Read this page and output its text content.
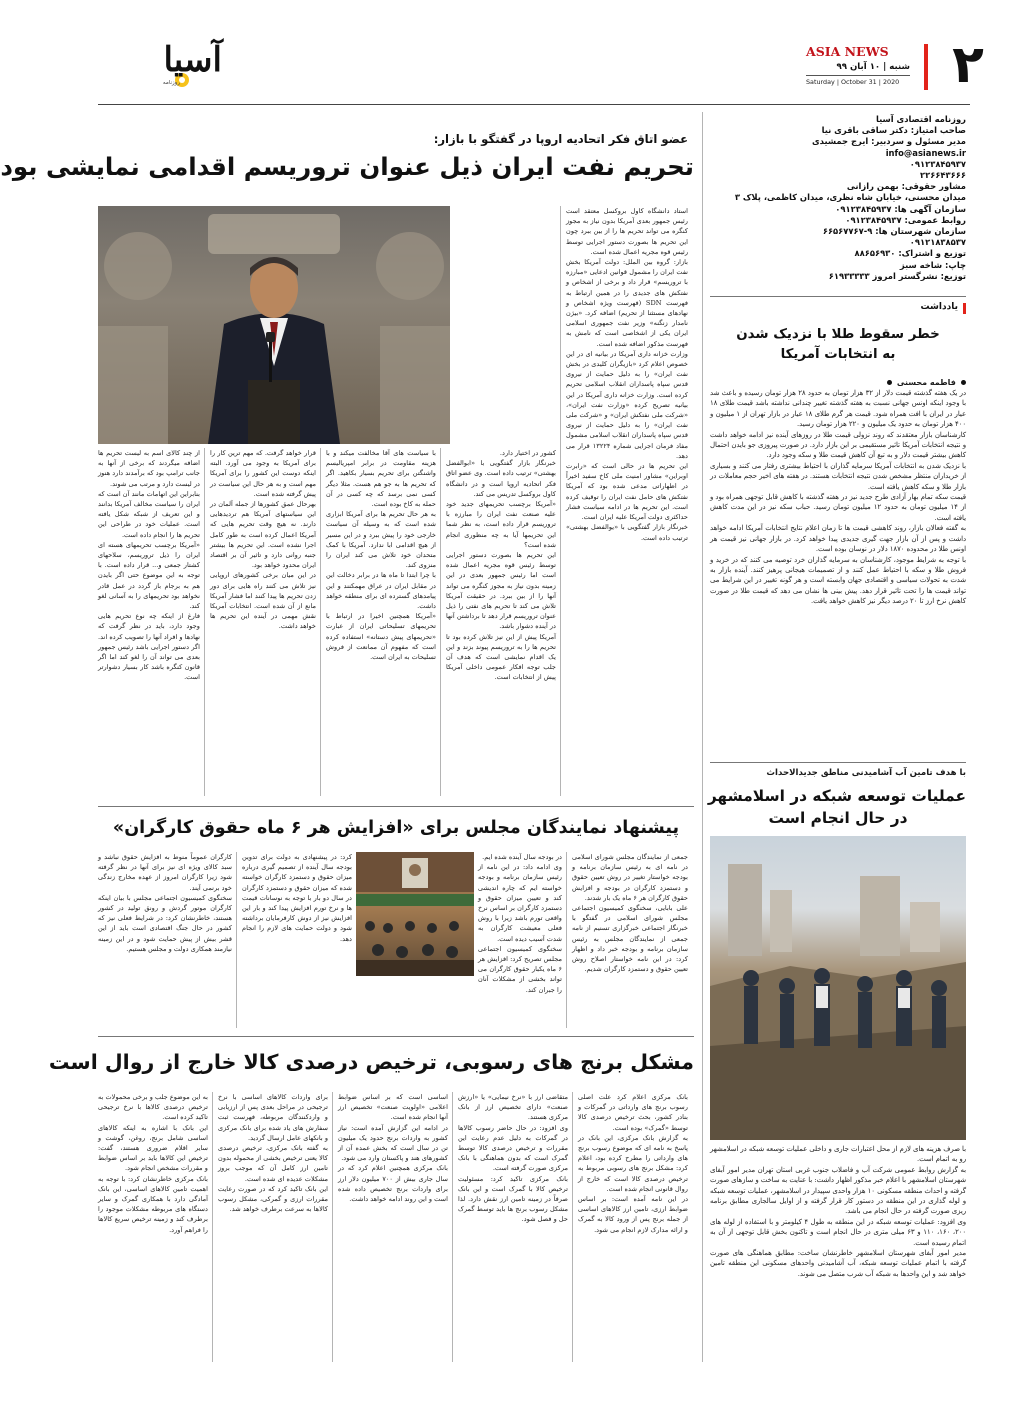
۲
ASIA NEWS
شنبه | ۱۰ آبان ۹۹
Saturday | October 31 | 2020
آسیا
روزنامه
روزنامه اقتصادی آسیا
صاحب امتیاز: دکتر ساقی باقری نیا
مدیر مسئول و سردبیر: ایرج جمشیدی
info@asianews.ir
۰۹۱۲۳۸۴۵۹۳۷
۲۲۶۶۴۳۶۶۶
مشاور حقوقی: بهمن رازانی
میدان محسنی، خیابان شاه نظری، میدان کاظمی، پلاک ۳
سازمان آگهی ها: ۰۹۱۲۳۸۴۵۹۳۷
روابط عمومی: ۰۹۱۲۳۸۴۵۹۳۷
سازمان شهرستان ها: ۹-۶۶۵۶۷۷۶۷
۰۹۱۲۱۸۳۸۵۳۷
توزیع و اشتراک: ۸۸۶۵۶۹۳۰
چاپ: شاخه سبز
توزیع: نشرگستر امروز ۶۱۹۳۳۳۳۳
یادداشت
خطر سقوط طلا با نزدیک شدن
به انتخابات آمریکا
فاطمه محسنی
در یک هفته گذشته قیمت دلار از ۳۲ هزار تومان به حدود ۲۸ هزار تومان رسیده و باعث شد با وجود اینکه اونس جهانی نسبت به هفته گذشته تغییر چندانی نداشته باشد قیمت طلای ۱۸ عیار در ایران با افت همراه شود. قیمت هر گرم طلای ۱۸ عیار در بازار تهران از ۱ میلیون و ۴۰۰ هزار تومان به حدود یک میلیون و ۲۲۰ هزار تومان رسید.
کارشناسان بازار معتقدند که روند نزولی قیمت طلا در روزهای آینده نیز ادامه خواهد داشت و نتیجه انتخابات آمریکا تاثیر مستقیمی بر این بازار دارد. در صورت پیروزی جو بایدن احتمال کاهش بیشتر قیمت دلار و به تبع آن کاهش قیمت طلا و سکه وجود دارد.
با نزدیک شدن به انتخابات آمریکا سرمایه گذاران با احتیاط بیشتری رفتار می کنند و بسیاری از خریداران منتظر مشخص شدن نتیجه انتخابات هستند. در هفته های اخیر حجم معاملات در بازار طلا و سکه کاهش یافته است.
قیمت سکه تمام بهار آزادی طرح جدید نیز در هفته گذشته با کاهش قابل توجهی همراه بود و از ۱۴ میلیون تومان به حدود ۱۲ میلیون تومان رسید. حباب سکه نیز در این مدت کاهش یافته است.
به گفته فعالان بازار، روند کاهشی قیمت ها تا زمان اعلام نتایج انتخابات آمریکا ادامه خواهد داشت و پس از آن بازار جهت گیری جدیدی پیدا خواهد کرد. در بازار جهانی نیز قیمت هر اونس طلا در محدوده ۱۸۷۰ دلار در نوسان بوده است.
با توجه به شرایط موجود، کارشناسان به سرمایه گذاران خرد توصیه می کنند که در خرید و فروش طلا و سکه با احتیاط عمل کنند و از تصمیمات هیجانی پرهیز کنند. آینده بازار به شدت به تحولات سیاسی و اقتصادی جهان وابسته است و هر گونه تغییر در این شرایط می تواند قیمت ها را تحت تاثیر قرار دهد. پیش بینی ها نشان می دهد که قیمت طلا در صورت کاهش نرخ ارز تا ۲۰ درصد دیگر نیز کاهش خواهد یافت.
با هدف تامین آب آشامیدنی مناطق جدیدالاحداث
عملیات توسعه شبکه در اسلامشهر
در حال انجام است
با صرف هزینه های لازم از محل اعتبارات جاری و داخلی عملیات توسعه شبکه در اسلامشهر رو به اتمام است.
به گزارش روابط عمومی شرکت آب و فاضلاب جنوب غربی استان تهران مدیر امور آبفای شهرستان اسلامشهر با اعلام خبر مذکور اظهار داشت: با عنایت به ساخت و سازهای صورت گرفته و احداث منطقه مسکونی ۱۰ هزار واحدی سپیدار در اسلامشهر، عملیات توسعه شبکه و لوله گذاری در این منطقه در دستور کار قرار گرفته و از اوایل سالجاری مطابق برنامه ریزی صورت گرفته در حال انجام می باشد.
وی افزود: عملیات توسعه شبکه در این منطقه به طول ۴ کیلومتر و با استفاده از لوله های ۲۰۰، ۱۶۰، ۱۱۰ و ۶۳ میلی متری در حال انجام است و تاکنون بخش قابل توجهی از آن به اتمام رسیده است.
مدیر امور آبفای شهرستان اسلامشهر خاطرنشان ساخت: مطابق هماهنگی های صورت گرفته با اتمام عملیات توسعه شبکه، آب آشامیدنی واحدهای مسکونی این منطقه تامین خواهد شد و این واحدها به شبکه آب شرب متصل می شوند.
عضو اتاق فکر اتحادیه اروپا در گفتگو با بازار:
تحریم نفت ایران ذیل عنوان تروریسم اقدامی نمایشی بود
استاد دانشگاه کاول بروکسل معتقد است رئیس جمهور بعدی آمریکا بدون نیاز به مجوز کنگره می تواند تحریم ها را از بین ببرد چون این تحریم ها بصورت دستور اجرایی توسط رئیس قوه مجریه اعمال شده است.
بازار: گروه بین الملل: دولت آمریکا بخش نفت ایران را مشمول قوانین ادعایی «مبارزه با تروریسم» قرار داد و برخی از اشخاص و نفتکش های جدیدی را در همین ارتباط به فهرست SDN (فهرست ویژه اشخاص و نهادهای مستثنا از تحریم) اضافه کرد. «بیژن نامدار زنگنه» وزیر نفت جمهوری اسلامی ایران یکی از اشخاصی است که نامش به فهرست مذکور اضافه شده است.
وزارت خزانه داری آمریکا در بیانیه ای در این خصوص اعلام کرد «بازیگران کلیدی در بخش نفت ایران» را به دلیل حمایت از نیروی قدس سپاه پاسداران انقلاب اسلامی تحریم کرده است. وزارت خزانه داری آمریکا در این بیانیه تصریح کرده «وزارت نفت ایران»، «شرکت ملی نفتکش ایران» و «شرکت ملی نفت ایران» را به دلیل حمایت از نیروی قدس سپاه پاسداران انقلاب اسلامی مشمول مفاد فرمان اجرایی شماره ۱۳۲۲۴ قرار می دهد.
این تحریم ها در حالی است که «رابرت اوبراین» مشاور امنیت ملی کاخ سفید اخیراً در اظهاراتی مدعی شده بود که آمریکا نفتکش های حامل نفت ایران را توقیف کرده است. این تحریم ها در ادامه سیاست فشار حداکثری دولت آمریکا علیه ایران است.
خبرنگار بازار گفتگویی با «یوالفضل بهشتی» ترتیب داده است.
کشور در اختیار دارد.
خبرنگار بازار گفتگویی با «ابوالفضل بهشتی» ترتیب داده است. وی عضو اتاق فکر اتحادیه اروپا است و در دانشگاه کاول بروکسل تدریس می کند.
«آمریکا برچسب تحریمهای جدید خود علیه صنعت نفت ایران را مبارزه با تروریسم قرار داده است، به نظر شما این تحریمها آیا به چه منظوری انجام شده است؟
این تحریم ها بصورت دستور اجرایی توسط رئیس قوه مجریه اعمال شده است اما رئیس جمهور بعدی در این زمینه بدون نیاز به مجوز کنگره می تواند آنها را از بین ببرد. در حقیقت آمریکا تلاش می کند تا تحریم های نفتی را ذیل عنوان تروریسم قرار دهد تا برداشتن آنها در آینده دشوار باشد.
آمریکا پیش از این نیز تلاش کرده بود تا تحریم ها را به تروریسم پیوند بزند و این یک اقدام نمایشی است که هدف آن جلب توجه افکار عمومی داخلی آمریکا پیش از انتخابات است.
با سیاست های آقا مخالفت میکند و با هزینه مقاومت در برابر امپریالیسم واشنگتن برای تحریم بسیار بکاهید. اگر که تحریم ها به جو هم هست. مثلا دیگر کسی نمی برسد که چه کسی در آن حمله به کاخ بوده است.
به هر حال تحریم ها برای آمریکا ابزاری شده است که به وسیله آن سیاست خارجی خود را پیش ببرد و در این مسیر از هیچ اقدامی ابا ندارد. آمریکا با کمک متحدان خود تلاش می کند ایران را منزوی کند.
با چرا ابتدا تا ماه ها در برابر دخالت این در مقابل ایران در عراق مهمکنند و این پیامدهای گسترده ای برای منطقه خواهد داشت.
«آمریکا همچنین اخیرا در ارتباط با تحریمهای تسلیحاتی ایران از عبارت «تحریمهای پیش دستانه» استفاده کرده است که مفهوم آن ممانعت از فروش تسلیحات به ایران است.
قرار خواهد گرفت. که مهم ترین کار را برای آمریکا به وجود می آورد. البته اینکه دوست این کشور را برای آمریکا مهم است و به هر حال این سیاست در پیش گرفته شده است.
بهرحال عمق کشورها از جمله آلمان در این سیاستهای آمریکا هم تردیدهایی دارند. نه هیچ وقت تحریم هایی که آمریکا اعمال کرده است به طور کامل اجرا نشده است. این تحریم ها بیشتر جنبه روانی دارد و تاثیر آن بر اقتصاد ایران محدود خواهد بود.
در این میان برخی کشورهای اروپایی نیز تلاش می کنند راه هایی برای دور زدن تحریم ها پیدا کنند اما فشار آمریکا مانع از آن شده است. انتخابات آمریکا نقش مهمی در آینده این تحریم ها خواهد داشت.
از چند کالای اسم به لیست تحریم ها اضافه میگردند که برخی از آنها به جانب ترامپ بود که برآمدند دارد هنوز در لیست دارد و مرتب می شوند.
بنابراین این اتهامات مانند آن است که ایران را سیاست مخالف آمریکا بدانند و این تعریف از شبکه شکل یافته است. عملیات خود در طراحی این تحریم ها را انجام داده است.
«آمریکا برچسب تحریمهای هسته ای ایران را ذیل تروریسم، سلاحهای کشتار جمعی و... قرار داده است. با توجه به این موضوع حتی اگر بایدن هم به برجام باز گردد در عمل قادر نخواهد بود تحریمهای را به آسانی لغو کند.
فارغ از اینکه چه نوع تحریم هایی وجود دارد، باید در نظر گرفت که نهادها و افراد آنها را تصویب کرده اند. اگر دستور اجرایی باشد رئیس جمهور بعدی می تواند آن را لغو کند اما اگر قانون کنگره باشد کار بسیار دشوارتر است.
پیشنهاد نمایندگان مجلس برای «افزایش هر ۶ ماه حقوق کارگران»
جمعی از نمایندگان مجلس شورای اسلامی در نامه ای به رئیس سازمان برنامه و بودجه خواستار تغییر در روش تعیین حقوق و دستمزد کارگران در بودجه و افزایش حقوق کارگران هر ۶ ماه یک بار شدند.
علی بابایی، سخنگوی کمیسیون اجتماعی مجلس شورای اسلامی در گفتگو با خبرنگار اجتماعی خبرگزاری تسنیم از نامه جمعی از نمایندگان مجلس به رئیس سازمان برنامه و بودجه خبر داد و اظهار کرد: در این نامه خواستار اصلاح روش تعیین حقوق و دستمزد کارگران شدیم.
در بودجه سال آینده شده ایم.
وی ادامه داد: در این نامه از رئیس سازمان برنامه و بودجه خواسته ایم که چاره اندیشی کند و تعیین میزان حقوق و دستمزد کارگران بر اساس نرخ واقعی تورم باشد زیرا با روش فعلی معیشت کارگران به شدت آسیب دیده است.
سخنگوی کمیسیون اجتماعی مجلس تصریح کرد: افزایش هر ۶ ماه یکبار حقوق کارگران می تواند بخشی از مشکلات آنان را جبران کند.
کرد: در پیشنهادی به دولت برای تدوین بودجه سال آینده از تصمیم گیری درباره میزان حقوق و دستمزد کارگران خواسته شده که میزان حقوق و دستمزد کارگران در سال دو بار با توجه به نوسانات قیمت ها و نرخ تورم افزایش پیدا کند و بار این افزایش نیز از دوش کارفرمایان برداشته شود و دولت حمایت های لازم را انجام دهد.
کارگران عموماً منوط به افزایش حقوق نباشد و سبد کالای ویژه ای نیز برای آنها در نظر گرفته شود زیرا کارگران امروز از عهده مخارج زندگی خود برنمی آیند.
سخنگوی کمیسیون اجتماعی مجلس با بیان اینکه کارگران موتور گردش و رونق تولید در کشور هستند، خاطرنشان کرد: در شرایط فعلی نیز که کشور در حال جنگ اقتصادی است باید از این قشر بیش از پیش حمایت شود و در این زمینه نیازمند همکاری دولت و مجلس هستیم.
مشکل برنج های رسوبی، ترخیص درصدی کالا خارج از روال است
بانک مرکزی اعلام کرد علت اصلی رسوب برنج های وارداتی در گمرکات و بنادر کشور، بحث ترخیص درصدی کالا توسط «گمرک» بوده است.
به گزارش بانک مرکزی، این بانک در پاسخ به نامه ای که موضوع رسوب برنج های وارداتی را مطرح کرده بود، اعلام کرد: مشکل برنج های رسوبی مربوط به ترخیص درصدی کالا است که خارج از روال قانونی انجام شده است.
در این نامه آمده است: بر اساس ضوابط ارزی، تامین ارز کالاهای اساسی از جمله برنج پس از ورود کالا به گمرک و ارائه مدارک لازم انجام می شود.
متقاضی ارز با «نرخ نیمایی» یا «ارزش صنعت» دارای تخصیص ارز از بانک مرکزی هستند.
وی افزود: در حال حاضر رسوب کالاها در گمرکات به دلیل عدم رعایت این مقررات و ترخیص درصدی کالا توسط گمرک است که بدون هماهنگی با بانک مرکزی صورت گرفته است.
بانک مرکزی تاکید کرد: مسئولیت ترخیص کالا با گمرک است و این بانک صرفاً در زمینه تامین ارز نقش دارد. لذا مشکل رسوب برنج ها باید توسط گمرک حل و فصل شود.
اساسی است که بر اساس ضوابط اعلامی «اولویت صنعت» تخصیص ارز آنها انجام شده است.
در ادامه این گزارش آمده است: نیاز کشور به واردات برنج حدود یک میلیون تن در سال است که بخش عمده آن از کشورهای هند و پاکستان وارد می شود.
بانک مرکزی همچنین اعلام کرد که در سال جاری بیش از ۷۰۰ میلیون دلار ارز برای واردات برنج تخصیص داده شده است و این روند ادامه خواهد داشت.
برای واردات کالاهای اساسی با نرخ ترجیحی در مراحل بعدی پس از ارزیابی و واردکنندگان مربوطه، فهرست ثبت سفارش های یاد شده برای بانک مرکزی و بانکهای عامل ارسال گردید.
به گفته بانک مرکزی، ترخیص درصدی کالا یعنی ترخیص بخشی از محموله بدون تامین ارز کامل آن که موجب بروز مشکلات عدیده ای شده است.
این بانک تاکید کرد که در صورت رعایت مقررات ارزی و گمرکی، مشکل رسوب کالاها به سرعت برطرف خواهد شد.
به این موضوع جلب و برخی محمولات به ترخیص درصدی کالاها با نرخ ترجیحی تاکید کرده است.
این بانک با اشاره به اینکه کالاهای اساسی شامل برنج، روغن، گوشت و سایر اقلام ضروری هستند، گفت: ترخیص این کالاها باید بر اساس ضوابط و مقررات مشخص انجام شود.
بانک مرکزی خاطرنشان کرد: با توجه به اهمیت تامین کالاهای اساسی، این بانک آمادگی دارد با همکاری گمرک و سایر دستگاه های مربوطه مشکلات موجود را برطرف کند و زمینه ترخیص سریع کالاها را فراهم آورد.
